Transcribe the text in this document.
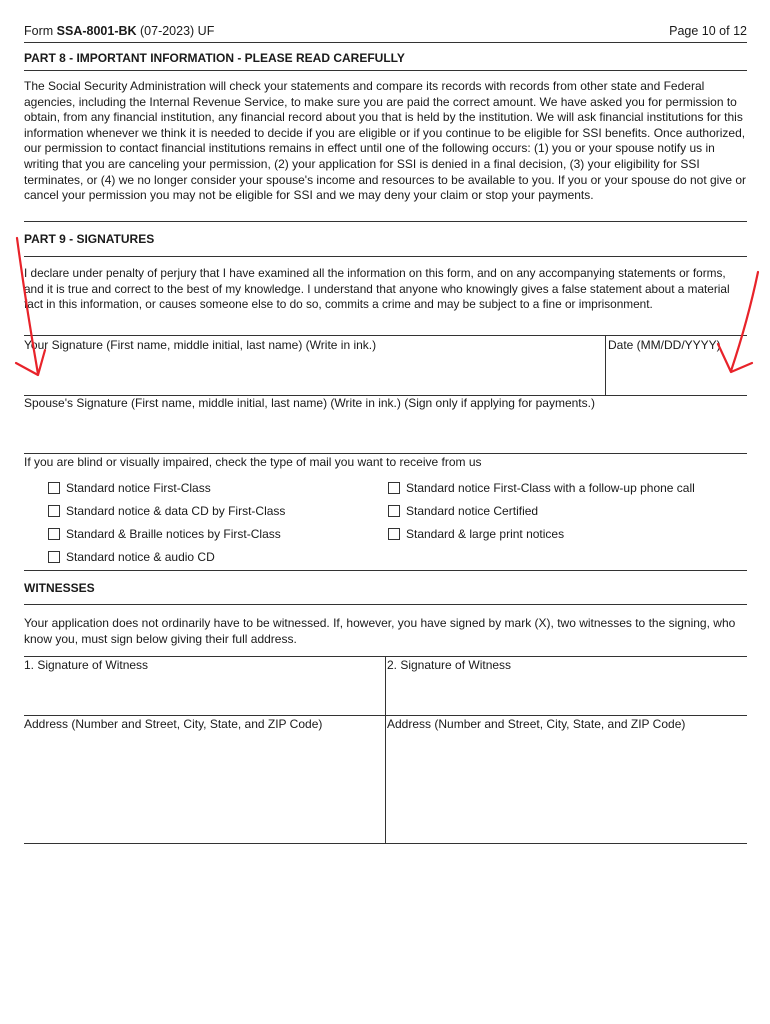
Form SSA-8001-BK (07-2023) UF	Page 10 of 12
PART 8 - IMPORTANT INFORMATION - PLEASE READ CAREFULLY
The Social Security Administration will check your statements and compare its records with records from other state and Federal agencies, including the Internal Revenue Service, to make sure you are paid the correct amount. We have asked you for permission to obtain, from any financial institution, any financial record about you that is held by the institution. We will ask financial institutions for this information whenever we think it is needed to decide if you are eligible or if you continue to be eligible for SSI benefits. Once authorized, our permission to contact financial institutions remains in effect until one of the following occurs: (1) you or your spouse notify us in writing that you are canceling your permission, (2) your application for SSI is denied in a final decision, (3) your eligibility for SSI terminates, or (4) we no longer consider your spouse's income and resources to be available to you. If you or your spouse do not give or cancel your permission you may not be eligible for SSI and we may deny your claim or stop your payments.
PART 9 - SIGNATURES
I declare under penalty of perjury that I have examined all the information on this form, and on any accompanying statements or forms, and it is true and correct to the best of my knowledge. I understand that anyone who knowingly gives a false statement about a material fact in this information, or causes someone else to do so, commits a crime and may be subject to a fine or imprisonment.
Your Signature (First name, middle initial, last name) (Write in ink.)	Date (MM/DD/YYYY)
Spouse's Signature (First name, middle initial, last name) (Write in ink.) (Sign only if applying for payments.)
If you are blind or visually impaired, check the type of mail you want to receive from us
Standard notice First-Class	Standard notice First-Class with a follow-up phone call
Standard notice & data CD by First-Class	Standard notice Certified
Standard & Braille notices by First-Class	Standard & large print notices
Standard notice & audio CD
WITNESSES
Your application does not ordinarily have to be witnessed. If, however, you have signed by mark (X), two witnesses to the signing, who know you, must sign below giving their full address.
1. Signature of Witness	2. Signature of Witness
Address (Number and Street, City, State, and ZIP Code)	Address (Number and Street, City, State, and ZIP Code)
